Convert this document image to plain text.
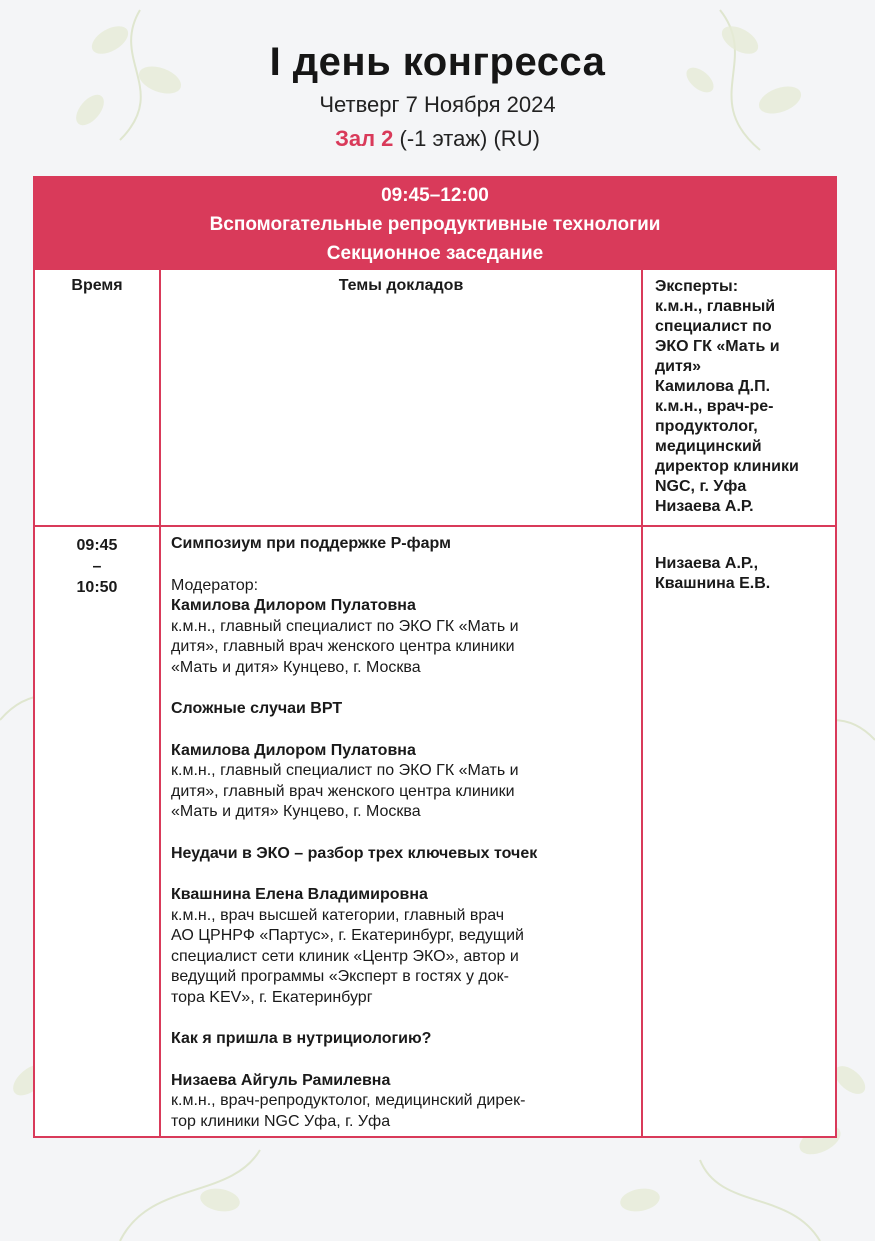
I день конгресса
Четверг 7 Ноября 2024
Зал 2 (-1 этаж) (RU)
09:45–12:00
Вспомогательные репродуктивные технологии
Секционное заседание
Время	Темы докладов	Эксперты:
к.м.н., главный
специалист по
ЭКО ГК «Мать и
дитя»
Камилова Д.П.
к.м.н., врач-ре-
продуктолог,
медицинский
директор клиники
NGC, г. Уфа
Низаева А.Р.
09:45
–
10:50
Симпозиум при поддержке Р-фарм
Модератор:
Камилова Дилором Пулатовна
к.м.н., главный специалист по ЭКО ГК «Мать и
дитя», главный врач женского центра клиники
«Мать и дитя» Кунцево, г. Москва
Сложные случаи ВРТ
Камилова Дилором Пулатовна
к.м.н., главный специалист по ЭКО ГК «Мать и
дитя», главный врач женского центра клиники
«Мать и дитя» Кунцево, г. Москва
Неудачи в ЭКО – разбор трех ключевых точек
Квашнина Елена Владимировна
к.м.н., врач высшей категории, главный врач
АО ЦРНРФ «Партус», г. Екатеринбург, ведущий
специалист сети клиник «Центр ЭКО», автор и
ведущий программы «Эксперт в гостях у док-
тора KEV», г. Екатеринбург
Как я пришла в нутрициологию?
Низаева Айгуль Рамилевна
к.м.н., врач-репродуктолог, медицинский дирек-
тор клиники NGC Уфа, г. Уфа
Низаева А.Р.,
Квашнина Е.В.
